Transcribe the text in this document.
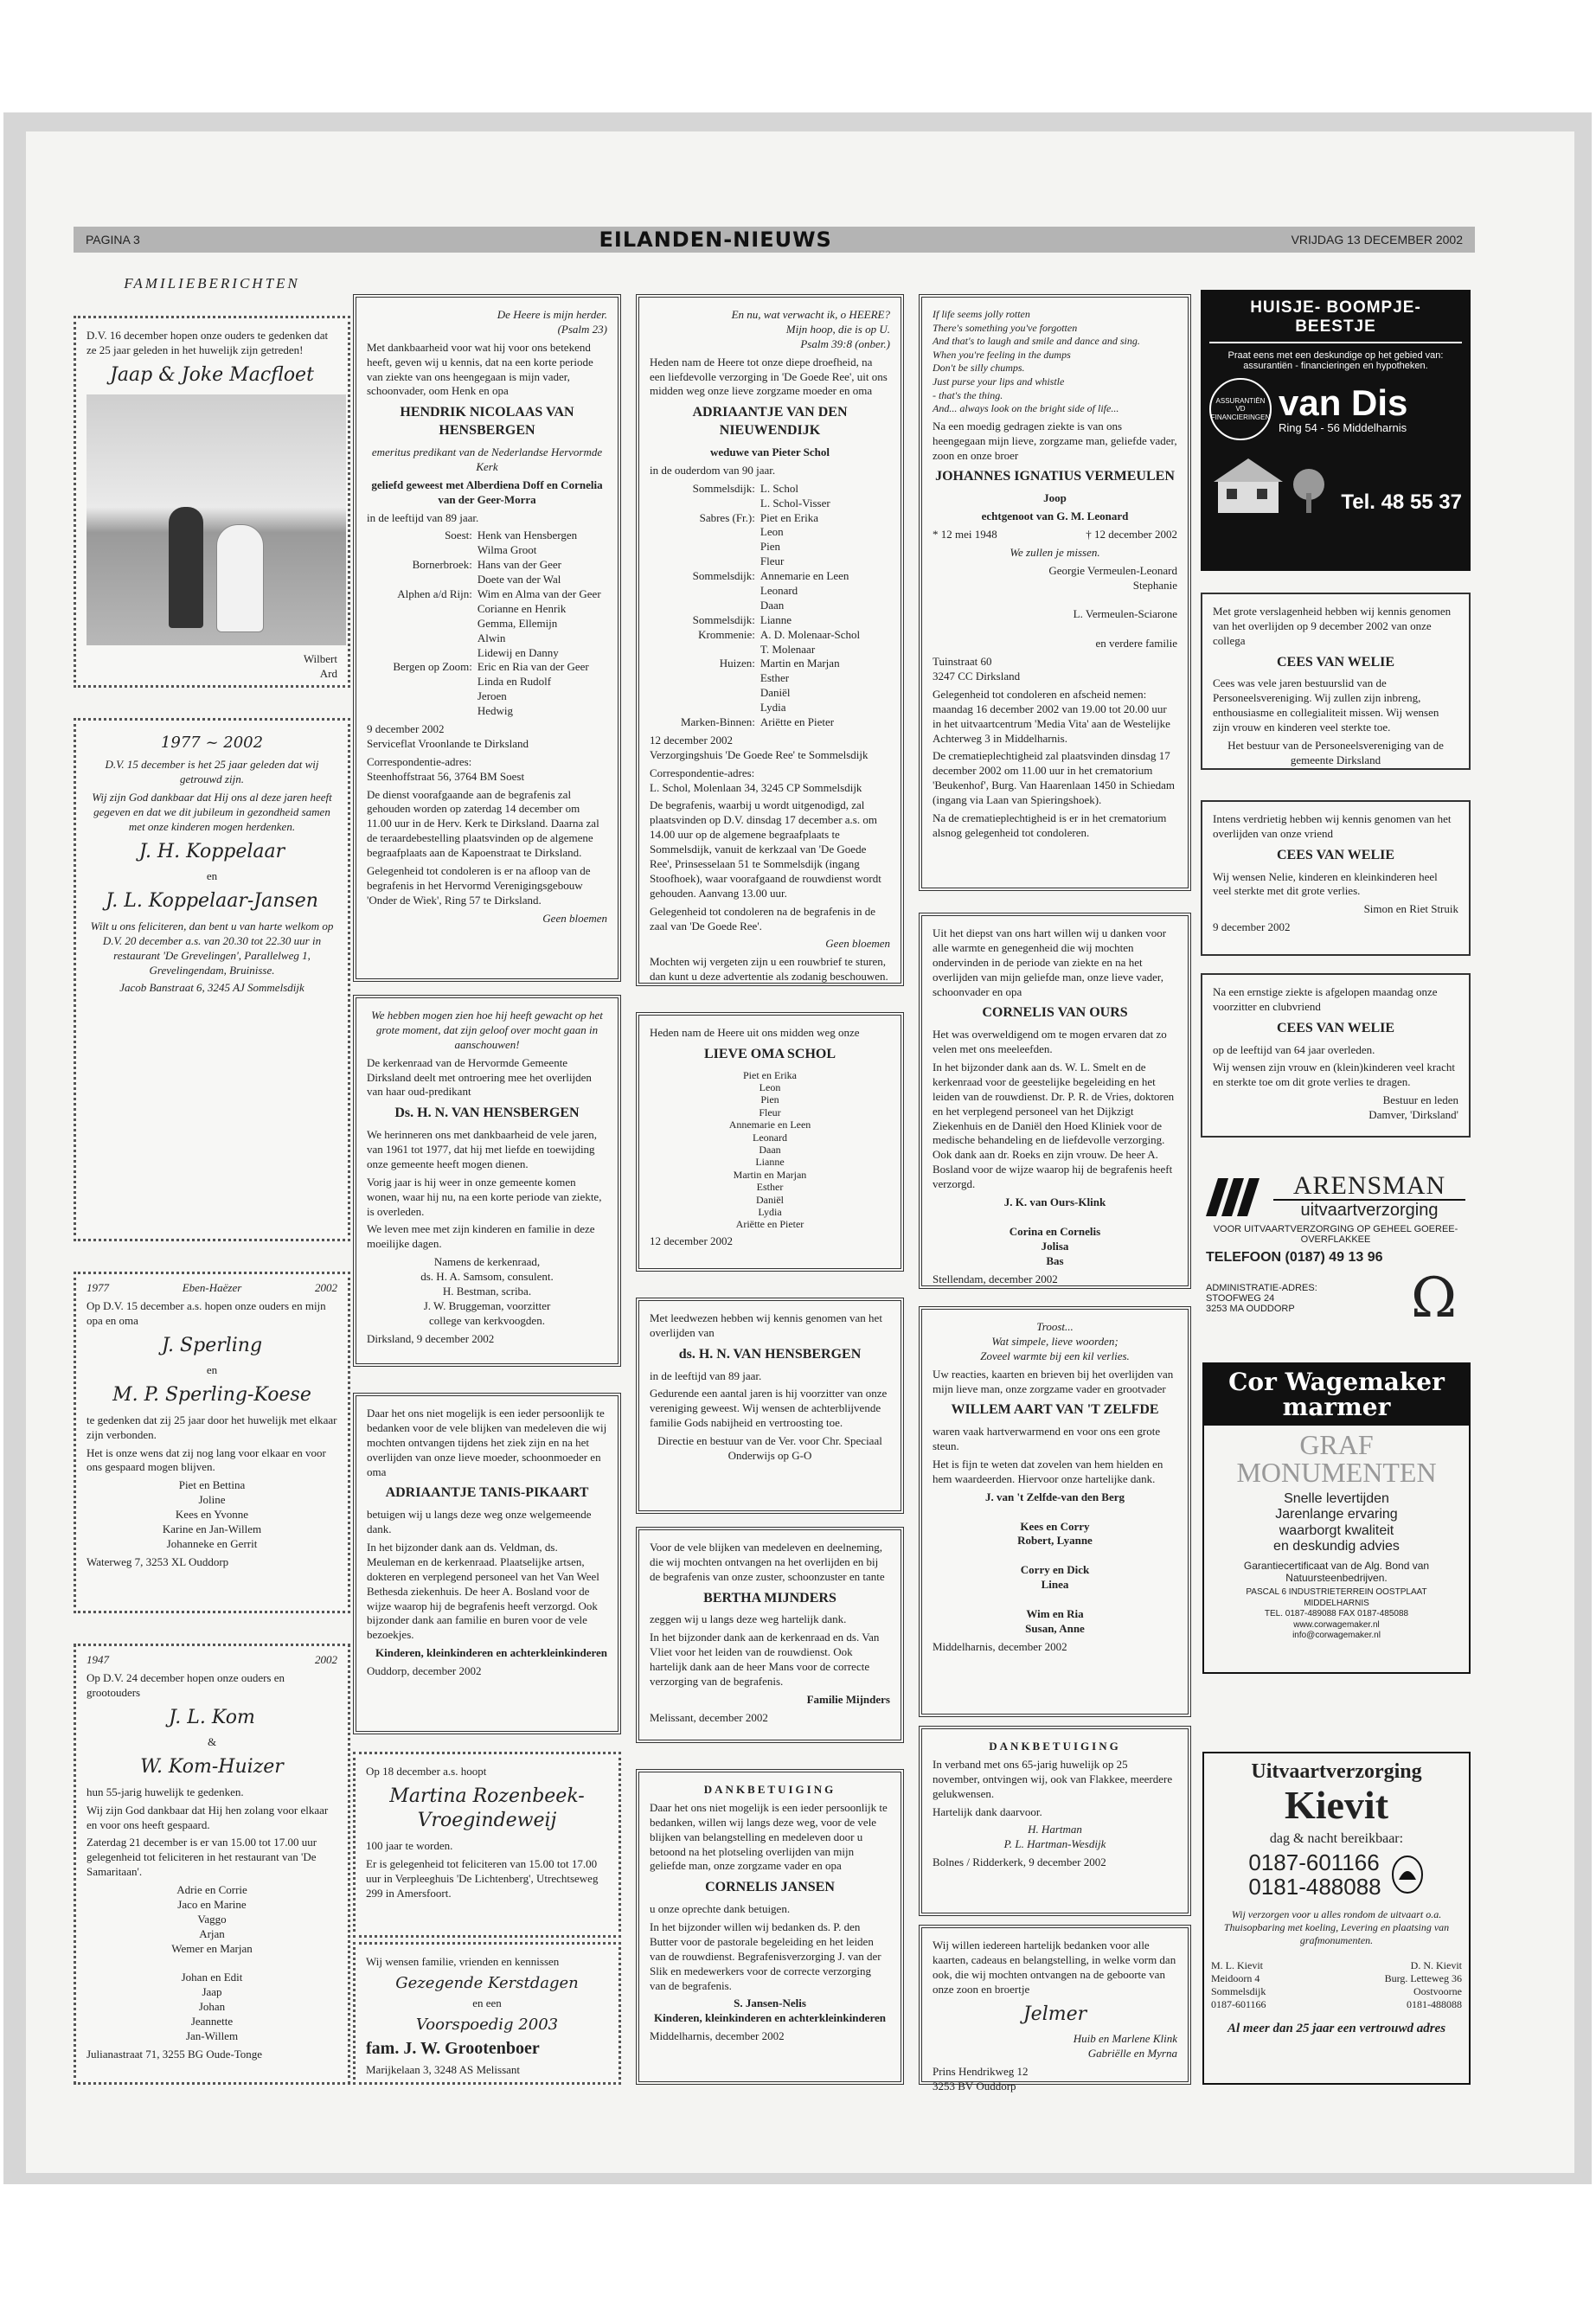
PAGINA 3	EILANDEN-NIEUWS	VRIJDAG 13 DECEMBER 2002
FAMILIEBERICHTEN

D.V. 16 december hopen onze ouders te gedenken dat ze 25 jaar geleden in het huwelijk zijn getreden!

Jaap & Joke Macfloet

Wilbert
Ard

1977 ~ 2002

D.V. 15 december is het 25 jaar geleden dat wij getrouwd zijn.

Wij zijn God dankbaar dat Hij ons al deze jaren heeft gegeven en dat we dit jubileum in gezondheid samen met onze kinderen mogen herdenken.

J. H. Koppelaar

en

J. L. Koppelaar-Jansen

Wilt u ons feliciteren, dan bent u van harte welkom op D.V. 20 december a.s. van 20.30 tot 22.30 uur in restaurant 'De Grevelingen', Parallelweg 1, Grevelingendam, Bruinisse.

Jacob Banstraat 6, 3245 AJ Sommelsdijk

1977	Eben-Haëzer	2002

Op D.V. 15 december a.s. hopen onze ouders en mijn opa en oma

J. Sperling

en

M. P. Sperling-Koese

te gedenken dat zij 25 jaar door het huwelijk met elkaar zijn verbonden.

Het is onze wens dat zij nog lang voor elkaar en voor ons gespaard mogen blijven.

Piet en Bettina
Joline
Kees en Yvonne
Karine en Jan-Willem
Johanneke en Gerrit

Waterweg 7, 3253 XL Ouddorp

1947	2002

Op D.V. 24 december hopen onze ouders en grootouders

J. L. Kom

&

W. Kom-Huizer

hun 55-jarig huwelijk te gedenken.

Wij zijn God dankbaar dat Hij hen zolang voor elkaar en voor ons heeft gespaard.

Zaterdag 21 december is er van 15.00 tot 17.00 uur gelegenheid tot feliciteren in het restaurant van 'De Samaritaan'.

Adrie en Corrie
Jaco en Marine
Vaggo
Arjan
Wemer en Marjan

Johan en Edit
Jaap
Johan
Jeannette
Jan-Willem

Julianastraat 71, 3255 BG Oude-Tonge

De Heere is mijn herder.
(Psalm 23)

Met dankbaarheid voor wat hij voor ons betekend heeft, geven wij u kennis, dat na een korte periode van ziekte van ons heengegaan is mijn vader, schoonvader, oom Henk en opa

HENDRIK NICOLAAS VAN HENSBERGEN

emeritus predikant van de Nederlandse Hervormde Kerk

geliefd geweest met Alberdiena Doff en Cornelia van der Geer-Morra

in de leeftijd van 89 jaar.

Soest: Henk van Hensbergen
Wilma Groot
Bornerbroek: Hans van der Geer
Doete van der Wal
Alphen a/d Rijn: Wim en Alma van der Geer
Corianne en Henrik
Gemma, Ellemijn
Alwin
Lidewij en Danny
Bergen op Zoom: Eric en Ria van der Geer
Linda en Rudolf
Jeroen
Hedwig

9 december 2002
Serviceflat Vroonlande te Dirksland

Correspondentie-adres:
Steenhoffstraat 56, 3764 BM Soest

De dienst voorafgaande aan de begrafenis zal gehouden worden op zaterdag 14 december om 11.00 uur in de Herv. Kerk te Dirksland. Daarna zal de teraardebestelling plaatsvinden op de algemene begraafplaats aan de Kapoenstraat te Dirksland.

Gelegenheid tot condoleren is er na afloop van de begrafenis in het Hervormd Verenigingsgebouw 'Onder de Wiek', Ring 57 te Dirksland.

Geen bloemen

We hebben mogen zien hoe hij heeft gewacht op het grote moment, dat zijn geloof over mocht gaan in aanschouwen!

De kerkenraad van de Hervormde Gemeente Dirksland deelt met ontroering mee het overlijden van haar oud-predikant

Ds. H. N. VAN HENSBERGEN

We herinneren ons met dankbaarheid de vele jaren, van 1961 tot 1977, dat hij met liefde en toewijding onze gemeente heeft mogen dienen.

Vorig jaar is hij weer in onze gemeente komen wonen, waar hij nu, na een korte periode van ziekte, is overleden.

We leven mee met zijn kinderen en familie in deze moeilijke dagen.

Namens de kerkenraad,
ds. H. A. Samsom, consulent.
H. Bestman, scriba.
J. W. Bruggeman, voorzitter
college van kerkvoogden.

Dirksland, 9 december 2002

Daar het ons niet mogelijk is een ieder persoonlijk te bedanken voor de vele blijken van medeleven die wij mochten ontvangen tijdens het ziek zijn en na het overlijden van onze lieve moeder, schoonmoeder en oma

ADRIAANTJE TANIS-PIKAART

betuigen wij u langs deze weg onze welgemeende dank.

In het bijzonder dank aan ds. Veldman, ds. Meuleman en de kerkenraad. Plaatselijke artsen, dokteren en verplegend personeel van het Van Weel Bethesda ziekenhuis. De heer A. Bosland voor de wijze waarop hij de begrafenis heeft verzorgd. Ook bijzonder dank aan familie en buren voor de vele bezoekjes.

Kinderen, kleinkinderen en achterkleinkinderen

Ouddorp, december 2002

Op 18 december a.s. hoopt

Martina Rozenbeek-Vroegindeweij

100 jaar te worden.

Er is gelegenheid tot feliciteren van 15.00 tot 17.00 uur in Verpleeghuis 'De Lichtenberg', Utrechtseweg 299 in Amersfoort.

Wij wensen familie, vrienden en kennissen

Gezegende Kerstdagen

en een

Voorspoedig 2003
fam. J. W. Grootenboer

Marijkelaan 3, 3248 AS Melissant

En nu, wat verwacht ik, o HEERE?
Mijn hoop, die is op U.
Psalm 39:8 (onber.)

Heden nam de Heere tot onze diepe droefheid, na een liefdevolle verzorging in 'De Goede Ree', uit ons midden weg onze lieve zorgzame moeder en oma

ADRIAANTJE VAN DEN NIEUWENDIJK

weduwe van Pieter Schol

in de ouderdom van 90 jaar.

Sommelsdijk: L. Schol
L. Schol-Visser
Sabres (Fr.): Piet en Erika
Leon
Pien
Fleur
Sommelsdijk: Annemarie en Leen
Leonard
Daan
Sommelsdijk: Lianne
Krommenie: A. D. Molenaar-Schol
T. Molenaar
Huizen: Martin en Marjan
Esther
Daniël
Lydia
Marken-Binnen: Ariëtte en Pieter

12 december 2002
Verzorgingshuis 'De Goede Ree' te Sommelsdijk

Correspondentie-adres:
L. Schol, Molenlaan 34, 3245 CP Sommelsdijk

De begrafenis, waarbij u wordt uitgenodigd, zal plaatsvinden op D.V. dinsdag 17 december a.s. om 14.00 uur op de algemene begraafplaats te Sommelsdijk, vanuit de kerkzaal van 'De Goede Ree', Prinsesselaan 51 te Sommelsdijk (ingang Stoofhoek), waar voorafgaand de rouwdienst wordt gehouden. Aanvang 13.00 uur.

Gelegenheid tot condoleren na de begrafenis in de zaal van 'De Goede Ree'.

Geen bloemen

Mochten wij vergeten zijn u een rouwbrief te sturen, dan kunt u deze advertentie als zodanig beschouwen.

Heden nam de Heere uit ons midden weg onze

LIEVE OMA SCHOL

Piet en Erika
Leon
Pien
Fleur
Annemarie en Leen
Leonard
Daan
Lianne
Martin en Marjan
Esther
Daniël
Lydia
Ariëtte en Pieter

12 december 2002

Met leedwezen hebben wij kennis genomen van het overlijden van

ds. H. N. VAN HENSBERGEN

in de leeftijd van 89 jaar.

Gedurende een aantal jaren is hij voorzitter van onze vereniging geweest. Wij wensen de achterblijvende familie Gods nabijheid en vertroosting toe.

Directie en bestuur van de Ver. voor Chr. Speciaal Onderwijs op G-O

Voor de vele blijken van medeleven en deelneming, die wij mochten ontvangen na het overlijden en bij de begrafenis van onze zuster, schoonzuster en tante

BERTHA MIJNDERS

zeggen wij u langs deze weg hartelijk dank.

In het bijzonder dank aan de kerkenraad en ds. Van Vliet voor het leiden van de rouwdienst. Ook hartelijk dank aan de heer Mans voor de correcte verzorging van de begrafenis.

Familie Mijnders

Melissant, december 2002

DANKBETUIGING

Daar het ons niet mogelijk is een ieder persoonlijk te bedanken, willen wij langs deze weg, voor de vele blijken van belangstelling en medeleven door u betoond na het plotseling overlijden van mijn geliefde man, onze zorgzame vader en opa

CORNELIS JANSEN

u onze oprechte dank betuigen.

In het bijzonder willen wij bedanken ds. P. den Butter voor de pastorale begeleiding en het leiden van de rouwdienst. Begrafenisverzorging J. van der Slik en medewerkers voor de correcte verzorging van de begrafenis.

S. Jansen-Nelis
Kinderen, kleinkinderen en achterkleinkinderen

Middelharnis, december 2002

If life seems jolly rotten
There's something you've forgotten
And that's to laugh and smile and dance and sing.
When you're feeling in the dumps
Don't be silly chumps.
Just purse your lips and whistle
- that's the thing.
And... always look on the bright side of life...

Na een moedig gedragen ziekte is van ons heengegaan mijn lieve, zorgzame man, geliefde vader, zoon en onze broer

JOHANNES IGNATIUS VERMEULEN

Joop

echtgenoot van G. M. Leonard

* 12 mei 1948	† 12 december 2002

We zullen je missen.

Georgie Vermeulen-Leonard
Stephanie

L. Vermeulen-Sciarone

en verdere familie

Tuinstraat 60
3247 CC Dirksland

Gelegenheid tot condoleren en afscheid nemen: maandag 16 december 2002 van 19.00 tot 20.00 uur in het uitvaartcentrum 'Media Vita' aan de Westelijke Achterweg 3 in Middelharnis.

De crematieplechtigheid zal plaatsvinden dinsdag 17 december 2002 om 11.00 uur in het crematorium 'Beukenhof', Burg. Van Haarenlaan 1450 in Schiedam (ingang via Laan van Spieringshoek).

Na de crematieplechtigheid is er in het crematorium alsnog gelegenheid tot condoleren.

Uit het diepst van ons hart willen wij u danken voor alle warmte en genegenheid die wij mochten ondervinden in de periode van ziekte en na het overlijden van mijn geliefde man, onze lieve vader, schoonvader en opa

CORNELIS VAN OURS

Het was overweldigend om te mogen ervaren dat zo velen met ons meeleefden.

In het bijzonder dank aan ds. W. L. Smelt en de kerkenraad voor de geestelijke begeleiding en het leiden van de rouwdienst. Dr. P. R. de Vries, doktoren en het verplegend personeel van het Dijkzigt Ziekenhuis en de Daniël den Hoed Kliniek voor de medische behandeling en de liefdevolle verzorging. Ook dank aan dr. Roeks en zijn vrouw. De heer A. Bosland voor de wijze waarop hij de begrafenis heeft verzorgd.

J. K. van Ours-Klink

Corina en Cornelis
Jolisa
Bas

Stellendam, december 2002

Troost...
Wat simpele, lieve woorden;
Zoveel warmte bij een kil verlies.

Uw reacties, kaarten en brieven bij het overlijden van mijn lieve man, onze zorgzame vader en grootvader

WILLEM AART VAN 'T ZELFDE

waren vaak hartverwarmend en voor ons een grote steun.

Het is fijn te weten dat zovelen van hem hielden en hem waardeerden. Hiervoor onze hartelijke dank.

J. van 't Zelfde-van den Berg

Kees en Corry
Robert, Lyanne

Corry en Dick
Linea

Wim en Ria
Susan, Anne

Middelharnis, december 2002

DANKBETUIGING

In verband met ons 65-jarig huwelijk op 25 november, ontvingen wij, ook van Flakkee, meerdere gelukwensen.

Hartelijk dank daarvoor.

H. Hartman
P. L. Hartman-Wesdijk

Bolnes / Ridderkerk, 9 december 2002

Wij willen iedereen hartelijk bedanken voor alle kaarten, cadeaus en belangstelling, in welke vorm dan ook, die wij mochten ontvangen na de geboorte van onze zoon en broertje

Jelmer

Huib en Marlene Klink
Gabriëlle en Myrna

Prins Hendrikweg 12
3253 BV Ouddorp

HUISJE- BOOMPJE- BEESTJE

Praat eens met een deskundige op het gebied van:
assurantiën - financieringen en hypotheken.

ASSURANTIËN
VD
FINANCIERINGEN van Dis
Ring 54 - 56 Middelharnis
Tel. 48 55 37

Met grote verslagenheid hebben wij kennis genomen van het overlijden op 9 december 2002 van onze collega

CEES VAN WELIE

Cees was vele jaren bestuurslid van de Personeelsvereniging. Wij zullen zijn inbreng, enthousiasme en collegialiteit missen. Wij wensen zijn vrouw en kinderen veel sterkte toe.

Het bestuur van de Personeelsvereniging van de gemeente Dirksland

Intens verdrietig hebben wij kennis genomen van het overlijden van onze vriend

CEES VAN WELIE

Wij wensen Nelie, kinderen en kleinkinderen heel veel sterkte met dit grote verlies.

Simon en Riet Struik

9 december 2002

Na een ernstige ziekte is afgelopen maandag onze voorzitter en clubvriend

CEES VAN WELIE

op de leeftijd van 64 jaar overleden.

Wij wensen zijn vrouw en (klein)kinderen veel kracht en sterkte toe om dit grote verlies te dragen.

Bestuur en leden
Damver, 'Dirksland'

ARENSMAN
uitvaartverzorging

VOOR UITVAARTVERZORGING OP GEHEEL GOEREE-OVERFLAKKEE

TELEFOON (0187) 49 13 96

ADMINISTRATIE-ADRES:
STOOFWEG 24
3253 MA OUDDORP	Ω
Cor Wagemaker marmer
GRAF
MONUMENTEN

Snelle levertijden
Jarenlange ervaring
waarborgt kwaliteit
en deskundig advies

Garantiecertificaat van de Alg. Bond van Natuursteenbedrijven.

PASCAL 6 INDUSTRIETERREIN OOSTPLAAT
MIDDELHARNIS
TEL. 0187-489088 FAX 0187-485088
www.corwagemaker.nl
info@corwagemaker.nl

Uitvaartverzorging
Kievit

dag & nacht bereikbaar:

0187-601166
0181-488088

Wij verzorgen voor u alles rondom de uitvaart o.a. Thuisopbaring met koeling, Levering en plaatsing van grafmonumenten.

M. L. Kievit
Meidoorn 4
Sommelsdijk
0187-601166

D. N. Kievit
Burg. Letteweg 36
Oostvoorne
0181-488088

Al meer dan 25 jaar een vertrouwd adres
